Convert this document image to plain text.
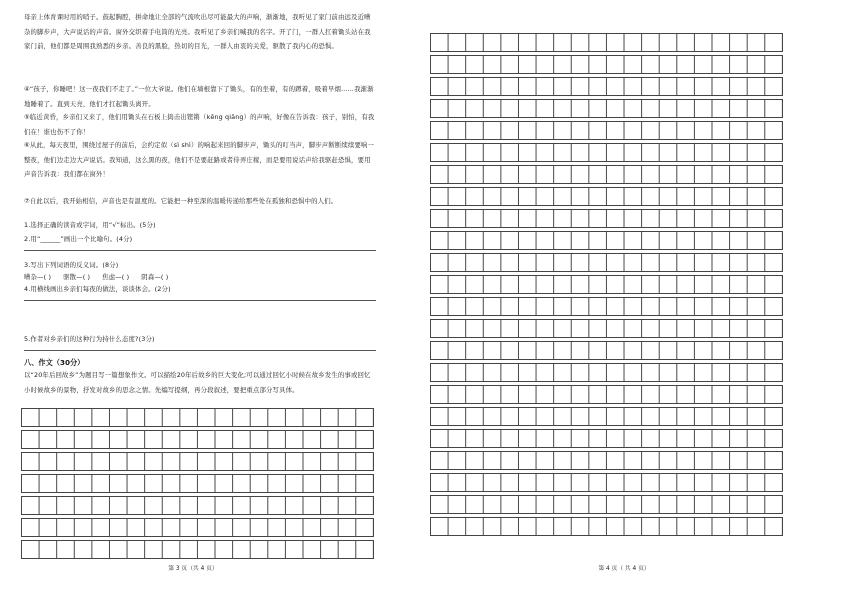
母亲上体育课时用的哨子。鼓起胸腔，拼命地让全部的气流吹出尽可能最大的声响，渐渐地，我听见了家门前由远及近嘈杂的脚步声，大声说话的声音。窗外交织着手电筒的光亮。我听见了乡亲们喊我的名字。开了门，一群人扛着锄头站在我家门前，他们都是周围我熟悉的乡亲。善良的黑脸，热切的目光，一群人由衷的关爱，驱散了我内心的恐惧。

④“孩子，你睡吧！这一夜我们不走了。”一位大爷说。他们在墙根靠下了锄头，有的坐着，有的蹲着，吸着早烟……我渐渐地睡着了。直到天亮，他们才扛起锄头离开。

⑤临近黄昏，乡亲们又来了，他们用锄头在石板上捣击出铿锵（kēng qiāng）的声响，好像在告诉我：孩子，别怕，有我们在！谁也伤不了你！

⑥从此，每天夜里，围绕过屋子的前后，会约定似（sì shì）的响起来回的脚步声，锄头的叮当声，脚步声断断续续要响一整夜，他们边走边大声说话。我知道，这么黑的夜，他们不是要赶路或者侍弄庄稼，而是要用说话声给我驱赶恐惧，要用声音告诉我：我们都在窗外！

⑦自此以后，我开始相信，声音也是有温度的。它能把一种至深的温暖传递给那些处在孤独和恐惧中的人们。

1.选择正确的读音或字词，用“√”标出。(5分)
2.用“______”画出一个比喻句。(4分)
3.写出下列词语的反义词。(8分)
嘈杂—( ) 驱散—( ) 焦虑—( ) 阴森—( )
4.用横线画出乡亲们每夜的做法，谈谈体会。(2分)
5.作者对乡亲们的这种行为持什么态度?(3分)
八、作文（30分）

以“20年后回故乡”为题目写一篇想象作文。可以描绘20年后故乡的巨大变化;可以通过回忆小时候在故乡发生的事或回忆小时候故乡的景物，抒发对故乡的思念之情。先编写提纲，再分段叙述，要把重点部分写具体。

第 3 页（共 4 页）	第 4 页（ 共 4 页）
